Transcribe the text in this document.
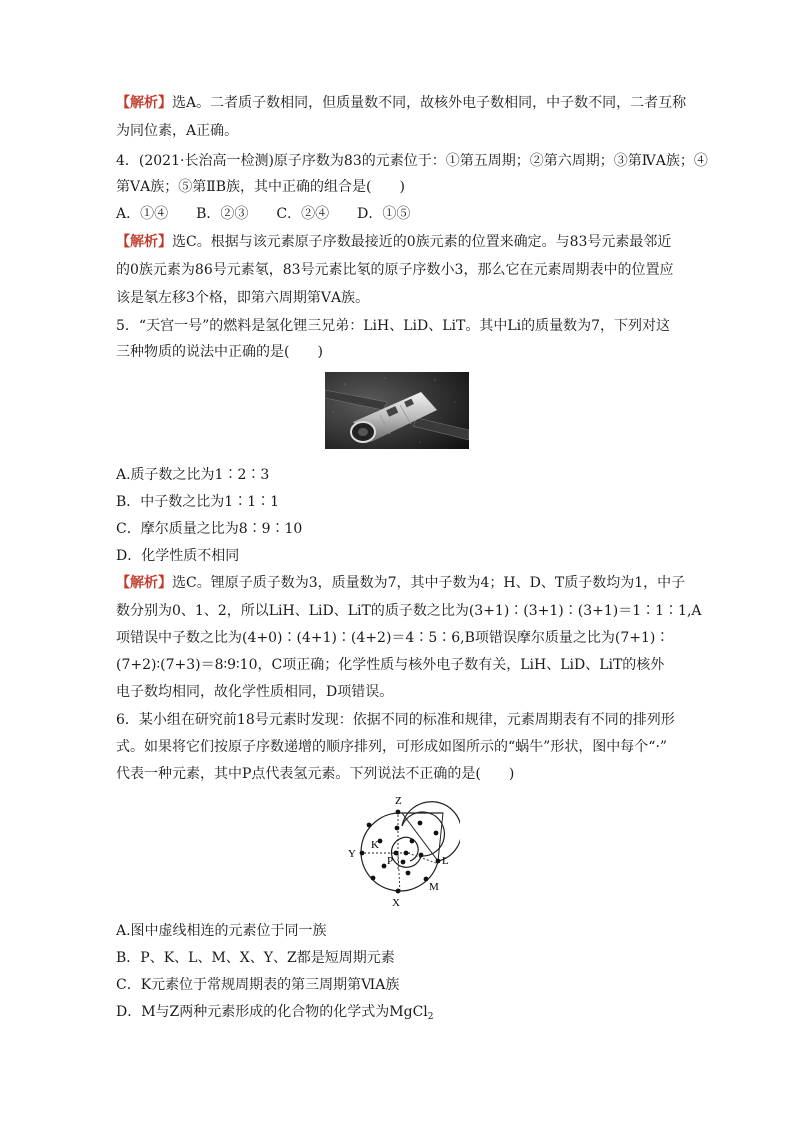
【解析】选A。二者质子数相同，但质量数不同，故核外电子数相同，中子数不同，二者互称
为同位素，A正确。
4．(2021·长治高一检测)原子序数为83的元素位于：①第五周期；②第六周期；③第ⅣA族；④
第ⅤA族；⑤第ⅡB族，其中正确的组合是(　　)
A．①④　　B．②③　　C．②④　　D．①⑤
【解析】选C。根据与该元素原子序数最接近的0族元素的位置来确定。与83号元素最邻近
的0族元素为86号元素氡，83号元素比氡的原子序数小3，那么它在元素周期表中的位置应
该是氡左移3个格，即第六周期第ⅤA族。
5．“天宫一号”的燃料是氢化锂三兄弟：LiH、LiD、LiT。其中Li的质量数为7，下列对这
三种物质的说法中正确的是(　　)
A.质子数之比为1∶2∶3
B．中子数之比为1∶1∶1
C．摩尔质量之比为8∶9∶10
D．化学性质不相同
【解析】选C。锂原子质子数为3，质量数为7，其中子数为4；H、D、T质子数均为1，中子
数分别为0、1、2，所以LiH、LiD、LiT的质子数之比为(3+1)∶(3+1)∶(3+1)＝1∶1∶1,A
项错误中子数之比为(4+0)∶(4+1)∶(4+2)＝4∶5∶6,B项错误摩尔质量之比为(7+1)∶
(7+2)∶(7+3)＝8∶9∶10，C项正确；化学性质与核外电子数有关，LiH、LiD、LiT的核外
电子数均相同，故化学性质相同，D项错误。
6．某小组在研究前18号元素时发现：依据不同的标准和规律，元素周期表有不同的排列形
式。如果将它们按原子序数递增的顺序排列，可形成如图所示的“蜗牛”形状，图中每个“·”
代表一种元素，其中P点代表氢元素。下列说法不正确的是(　　)
Z
K
Y
P	L
M
X
A.图中虚线相连的元素位于同一族
B．P、K、L、M、X、Y、Z都是短周期元素
C．K元素位于常规周期表的第三周期第ⅥA族
D．M与Z两种元素形成的化合物的化学式为MgCl$_2$
